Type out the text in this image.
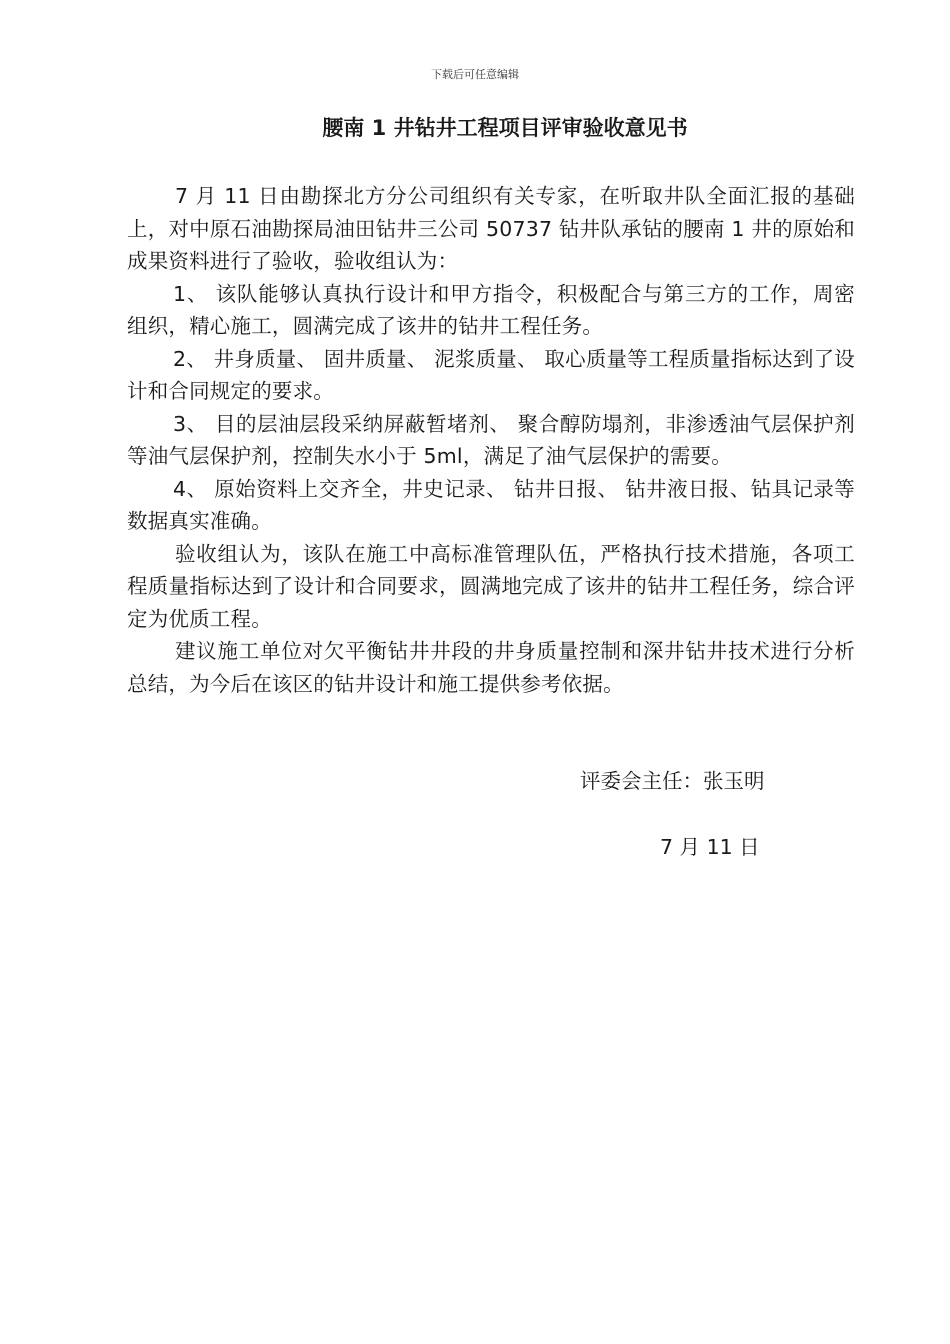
下载后可任意编辑
腰南 1 井钻井工程项目评审验收意见书

7 月 11 日由勘探北方分公司组织有关专家，在听取井队全面汇报的基础上，对中原石油勘探局油田钻井三公司 50737 钻井队承钻的腰南 1 井的原始和成果资料进行了验收，验收组认为：

1、 该队能够认真执行设计和甲方指令，积极配合与第三方的工作，周密组织，精心施工，圆满完成了该井的钻井工程任务。

2、 井身质量、 固井质量、 泥浆质量、 取心质量等工程质量指标达到了设计和合同规定的要求。

3、 目的层油层段采纳屏蔽暂堵剂、 聚合醇防塌剂，非渗透油气层保护剂等油气层保护剂，控制失水小于 5ml，满足了油气层保护的需要。

4、 原始资料上交齐全，井史记录、 钻井日报、 钻井液日报、钻具记录等数据真实准确。

验收组认为，该队在施工中高标准管理队伍，严格执行技术措施，各项工程质量指标达到了设计和合同要求，圆满地完成了该井的钻井工程任务，综合评定为优质工程。

建议施工单位对欠平衡钻井井段的井身质量控制和深井钻井技术进行分析总结，为今后在该区的钻井设计和施工提供参考依据。

评委会主任：张玉明
7 月 11 日
